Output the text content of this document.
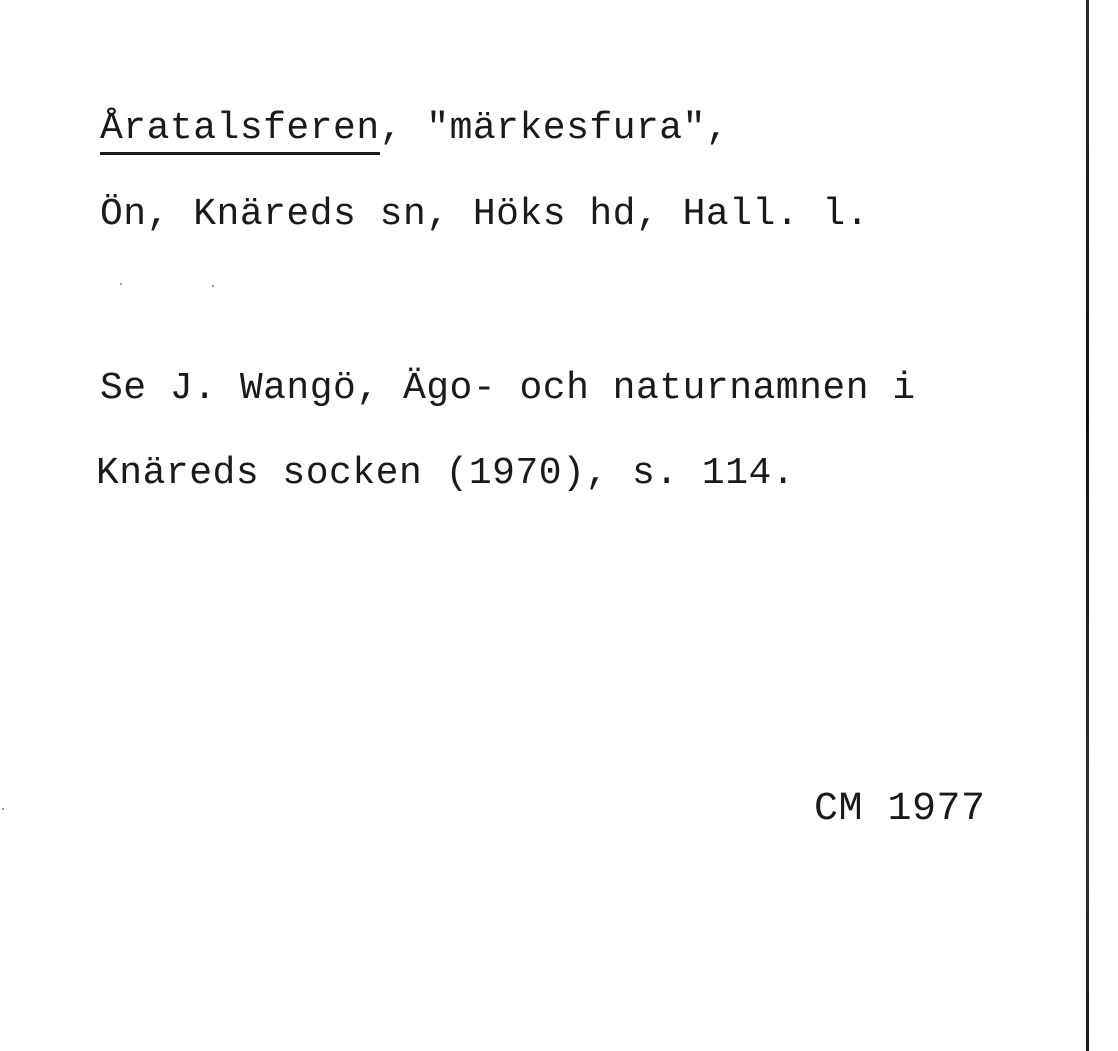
Åratalsferen, "märkesfura",
Ön, Knäreds sn, Höks hd, Hall. l.
Se J. Wangö, Ägo- och naturnamnen i
Knäreds socken (1970), s. 114.
CM 1977
